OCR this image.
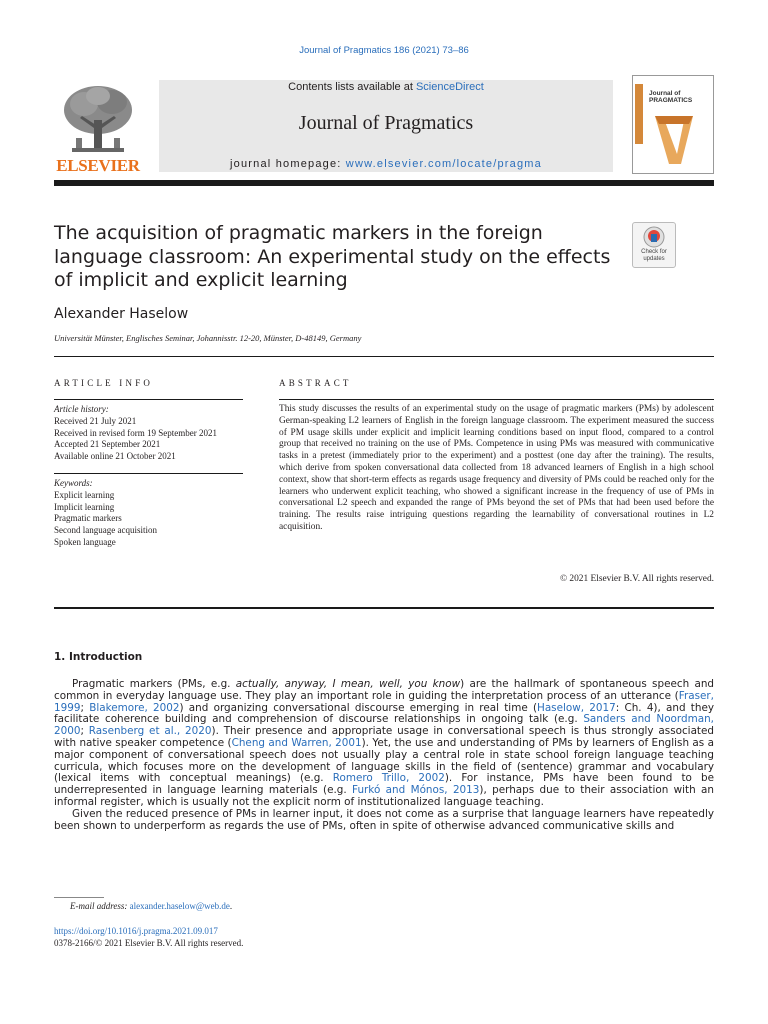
Journal of Pragmatics 186 (2021) 73–86
ELSEVIER
Contents lists available at ScienceDirect
Journal of Pragmatics
journal homepage: www.elsevier.com/locate/pragma
Journal of
PRAGMATICS
The acquisition of pragmatic markers in the foreign language classroom: An experimental study on the effects of implicit and explicit learning
Check for
updates
Alexander Haselow
Universität Münster, Englisches Seminar, Johannisstr. 12-20, Münster, D-48149, Germany
ARTICLE INFO	ABSTRACT
Article history:
Received 21 July 2021
Received in revised form 19 September 2021
Accepted 21 September 2021
Available online 21 October 2021
Keywords:
Explicit learning
Implicit learning
Pragmatic markers
Second language acquisition
Spoken language
This study discusses the results of an experimental study on the usage of pragmatic markers (PMs) by adolescent German-speaking L2 learners of English in the foreign language classroom. The experiment measured the success of PM usage skills under explicit and implicit learning conditions based on input flood, compared to a control group that received no training on the use of PMs. Competence in using PMs was measured with communicative tasks in a pretest (immediately prior to the experiment) and a posttest (one day after the training). The results, which derive from spoken conversational data collected from 18 advanced learners of English in a high school context, show that short-term effects as regards usage frequency and diversity of PMs could be reached only for the learners who underwent explicit teaching, who showed a significant increase in the frequency of use of PMs in conversational L2 speech and expanded the range of PMs beyond the set of PMs that had been used before the training. The results raise intriguing questions regarding the learnability of conversational routines in L2 acquisition.
© 2021 Elsevier B.V. All rights reserved.
1. Introduction

Pragmatic markers (PMs, e.g. actually, anyway, I mean, well, you know) are the hallmark of spontaneous speech and common in everyday language use. They play an important role in guiding the interpretation process of an utterance (Fraser, 1999; Blakemore, 2002) and organizing conversational discourse emerging in real time (Haselow, 2017: Ch. 4), and they facilitate coherence building and comprehension of discourse relationships in ongoing talk (e.g. Sanders and Noordman, 2000; Rasenberg et al., 2020). Their presence and appropriate usage in conversational speech is thus strongly associated with native speaker competence (Cheng and Warren, 2001). Yet, the use and understanding of PMs by learners of English as a major component of conversational speech does not usually play a central role in state school foreign language teaching curricula, which focuses more on the development of language skills in the field of (sentence) grammar and vocabulary (lexical items with conceptual meanings) (e.g. Romero Trillo, 2002). For instance, PMs have been found to be underrepresented in language learning materials (e.g. Furkó and Mónos, 2013), perhaps due to their association with an informal register, which is usually not the explicit norm of institutionalized language teaching.

Given the reduced presence of PMs in learner input, it does not come as a surprise that language learners have repeatedly been shown to underperform as regards the use of PMs, often in spite of otherwise advanced communicative skills and

E-mail address: alexander.haselow@web.de.
https://doi.org/10.1016/j.pragma.2021.09.017
0378-2166/© 2021 Elsevier B.V. All rights reserved.
